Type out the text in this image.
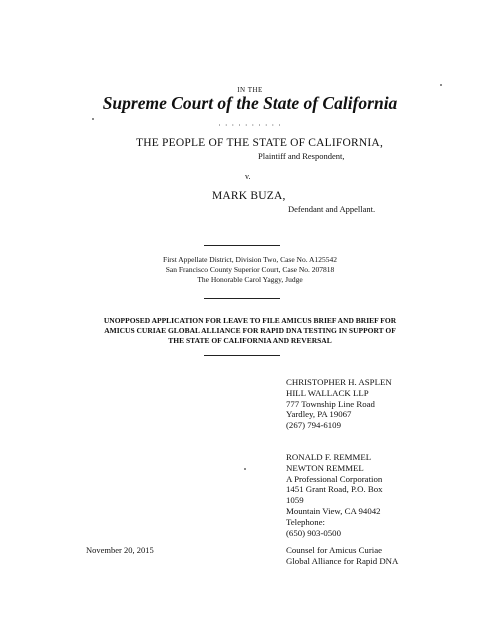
IN THE
Supreme Court of the State of California
· · · · · · · · · ·
THE PEOPLE OF THE STATE OF CALIFORNIA,
Plaintiff and Respondent,
v.
MARK BUZA,
Defendant and Appellant.
First Appellate District, Division Two, Case No. A125542
San Francisco County Superior Court, Case No. 207818
The Honorable Carol Yaggy, Judge
UNOPPOSED APPLICATION FOR LEAVE TO FILE AMICUS BRIEF AND BRIEF FOR
AMICUS CURIAE GLOBAL ALLIANCE FOR RAPID DNA TESTING IN SUPPORT OF
THE STATE OF CALIFORNIA AND REVERSAL
CHRISTOPHER H. ASPLEN
HILL WALLACK LLP
777 Township Line Road
Yardley, PA 19067
(267) 794-6109
RONALD F. REMMEL
NEWTON REMMEL
A Professional Corporation
1451 Grant Road, P.O. Box
1059
Mountain View, CA 94042
Telephone:
(650) 903-0500
November 20, 2015	Counsel for Amicus Curiae
Global Alliance for Rapid DNA
